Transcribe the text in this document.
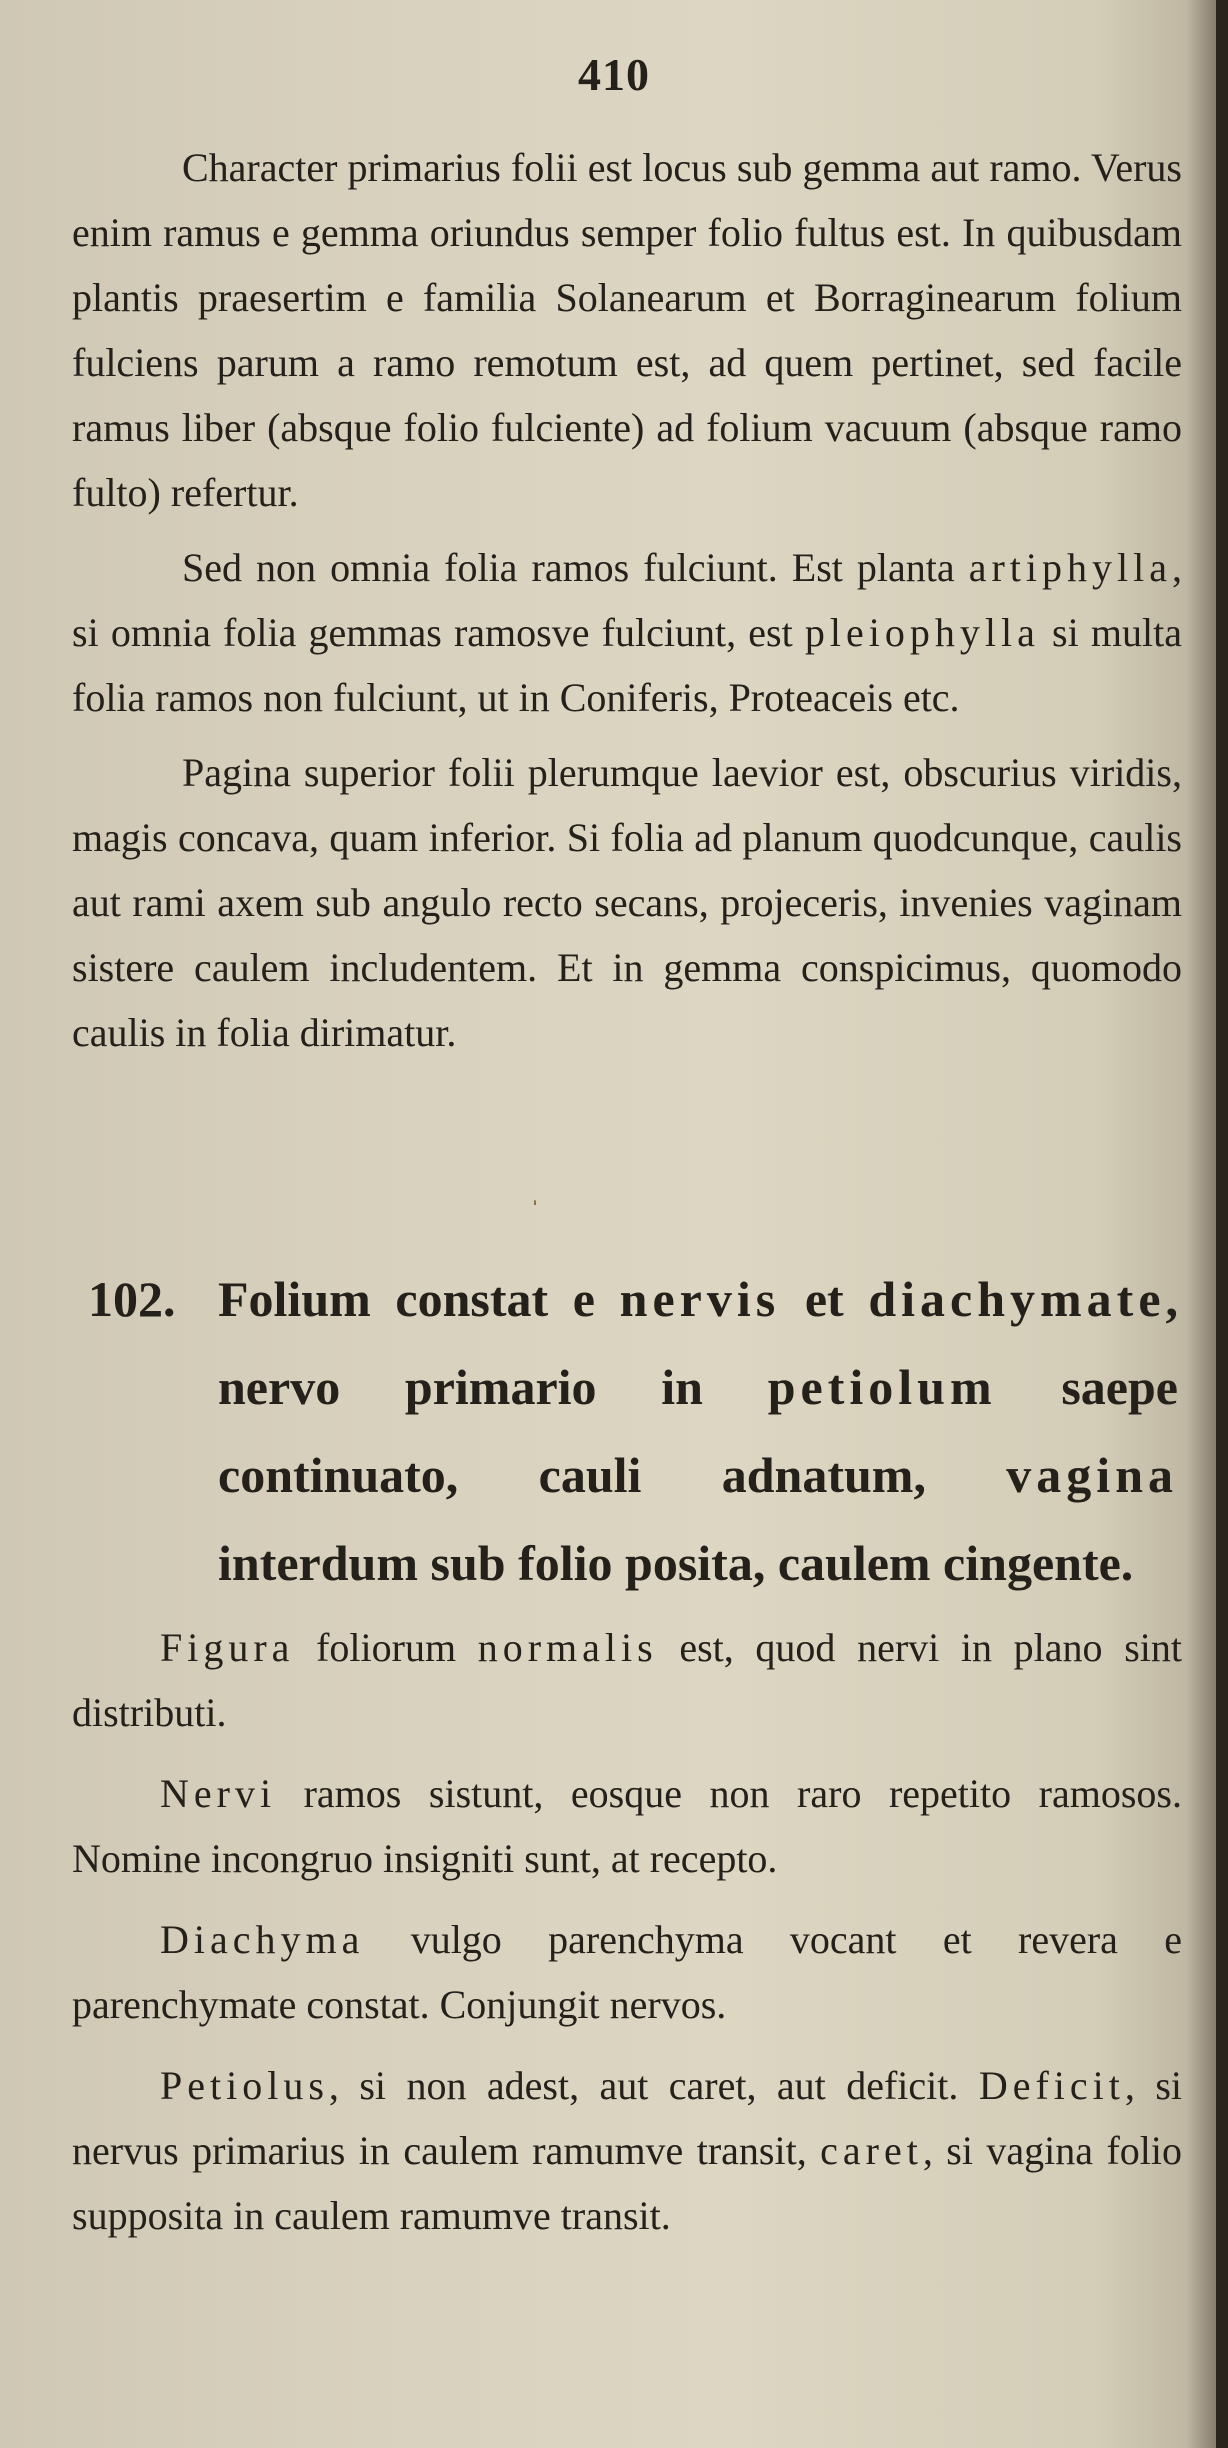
410

Character primarius folii est locus sub gemma aut ramo. Verus enim ramus e gemma oriundus semper folio fultus est. In quibusdam plantis praesertim e familia Solanearum et Borraginearum folium fulciens parum a ramo remotum est, ad quem pertinet, sed facile ramus liber (absque folio fulciente) ad folium vacuum (absque ramo fulto) refertur.

Sed non omnia folia ramos fulciunt. Est planta artiphylla, si omnia folia gemmas ramosve fulciunt, est pleiophylla si multa folia ramos non fulciunt, ut in Coniferis, Proteaceis etc.

Pagina superior folii plerumque laevior est, obscurius viridis, magis concava, quam inferior. Si folia ad planum quodcunque, caulis aut rami axem sub angulo recto secans, projeceris, invenies vaginam sistere caulem includentem. Et in gemma conspicimus, quomodo caulis in folia dirimatur.

ˈ
102. Folium constat e nervis et diachymate, nervo primario in petiolum saepe continuato, cauli adnatum, vagina interdum sub folio posita, caulem cingente.

Figura foliorum normalis est, quod nervi in plano sint distributi.

Nervi ramos sistunt, eosque non raro repetito ramosos. Nomine incongruo insigniti sunt, at recepto.

Diachyma vulgo parenchyma vocant et revera e parenchymate constat. Conjungit nervos.

Petiolus, si non adest, aut caret, aut deficit. Deficit, si nervus primarius in caulem ramumve transit, caret, si vagina folio supposita in caulem ramumve transit.
